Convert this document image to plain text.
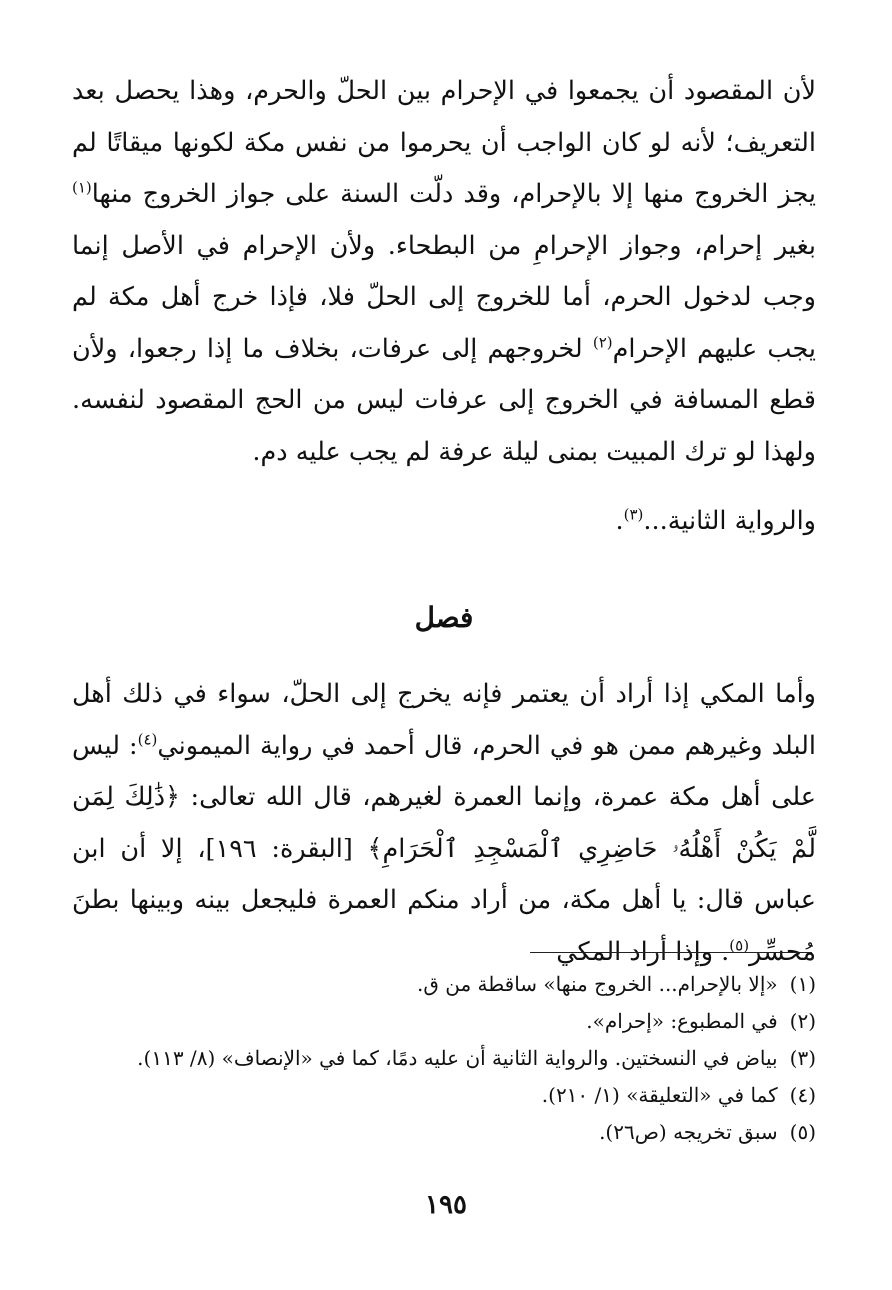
لأن المقصود أن يجمعوا في الإحرام بين الحلّ والحرم، وهذا يحصل بعد التعريف؛ لأنه لو كان الواجب أن يحرموا من نفس مكة لكونها ميقاتًا لم يجز الخروج منها إلا بالإحرام، وقد دلّت السنة على جواز الخروج منها$^{(١)}$ بغير إحرام، وجواز الإحرامِ من البطحاء. ولأن الإحرام في الأصل إنما وجب لدخول الحرم، أما للخروج إلى الحلّ فلا، فإذا خرج أهل مكة لم يجب عليهم الإحرام$^{(٢)}$ لخروجهم إلى عرفات، بخلاف ما إذا رجعوا، ولأن قطع المسافة في الخروج إلى عرفات ليس من الحج المقصود لنفسه. ولهذا لو ترك المبيت بمنى ليلة عرفة لم يجب عليه دم.

والرواية الثانية...$^{(٣)}$.

فصل

وأما المكي إذا أراد أن يعتمر فإنه يخرج إلى الحلّ، سواء في ذلك أهل البلد وغيرهم ممن هو في الحرم، قال أحمد في رواية الميموني$^{(٤)}$: ليس على أهل مكة عمرة، وإنما العمرة لغيرهم، قال الله تعالى: ﴿ذَٰلِكَ لِمَن لَّمْ يَكُنْ أَهْلُهُۥ حَاضِرِي ٱلْمَسْجِدِ ٱلْحَرَامِ﴾ [البقرة: ١٩٦]، إلا أن ابن عباس قال: يا أهل مكة، من أراد منكم العمرة فليجعل بينه وبينها بطنَ مُحسِّر$^{(٥)}$. وإذا أراد المكي

(١)
«إلا بالإحرام... الخروج منها» ساقطة من ق.
(٢)
في المطبوع: «إحرام».
(٣)
بياض في النسختين. والرواية الثانية أن عليه دمًا، كما في «الإنصاف» (٨/ ١١٣).
(٤)
كما في «التعليقة» (١/ ٢١٠).
(٥)
سبق تخريجه (ص٢٦).
١٩٥
